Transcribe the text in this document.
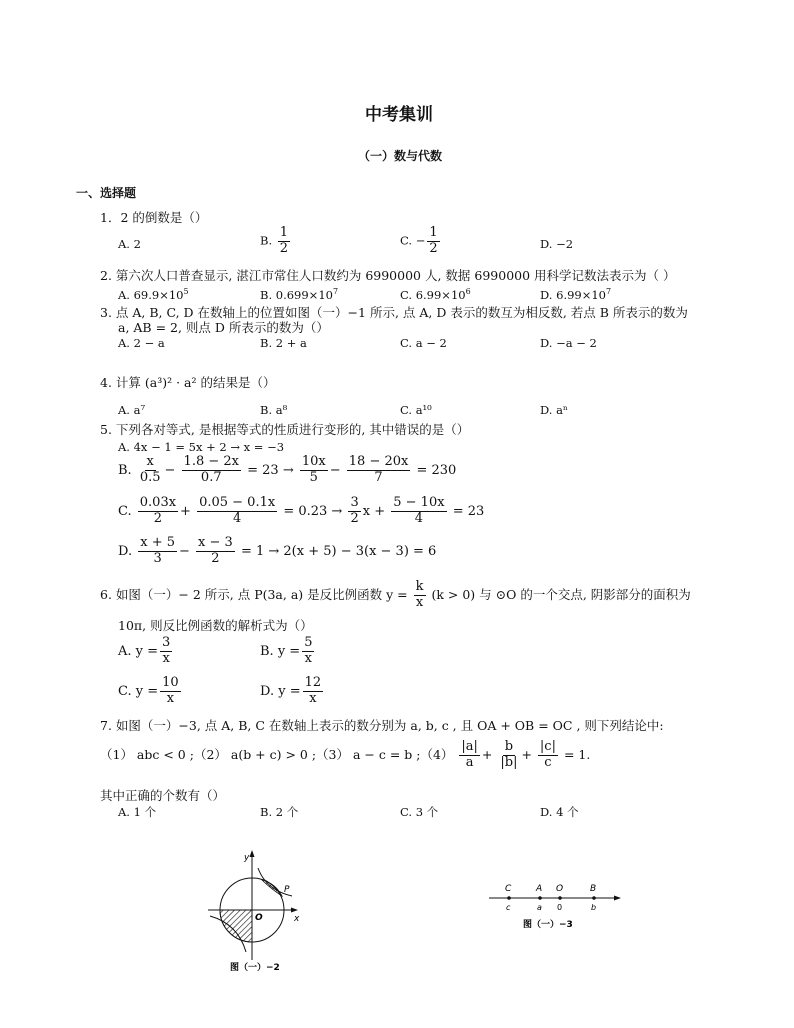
中考集训
（一）数与代数
一、选择题
1．2 的倒数是（）
A. 2	B. $\frac{1}{2}$	C. − $\frac{1}{2}$	D. −2
2. 第六次人口普查显示, 湛江市常住人口数约为 6990000 人, 数据 6990000 用科学记数法表示为（ ）
A. $69.9\times 10^5$	B. $0.699\times 10^7$	C. $6.99\times 10^6$	D. $6.99\times 10^7$
3. 点 A, B, C, D 在数轴上的位置如图（一）−1 所示, 点 A, D 表示的数互为相反数, 若点 B 所表示的数为
a, AB = 2, 则点 D 所表示的数为（）
A. 2 − a	B. 2 + a	C. a − 2	D. −a − 2
4. 计算 (a³)² · a² 的结果是（）
A. a⁷	B. a⁸	C. a¹⁰	D. aⁿ
5. 下列各对等式, 是根据等式的性质进行变形的, 其中错误的是（）
A. 4x − 1 = 5x + 2 → x = −3
B. $\frac{x}{0.5} - \frac{1.8 - 2x}{0.7} = 23 \to \frac{10x}{5} - \frac{18 - 20x}{7} = 230$
C. $\frac{0.03x}{2} + \frac{0.05 - 0.1x}{4} = 0.23 \to \frac{3}{2}$ $x + \frac{5 - 10x}{4} = 23$
D. $\frac{x + 5}{3} - \frac{x - 3}{2} = 1 \to 2(x + 5) - 3(x - 3) = 6$
6. 如图（一）− 2 所示, 点 P(3a, a) 是反比例函数 $y = \frac{k}{x} (k > 0)$ 与 ⊙O 的一个交点, 阴影部分的面积为
10π, 则反比例函数的解析式为（）
A. $y = \frac{3}{x}$	B. $y = \frac{5}{x}$
C. $y = \frac{10}{x}$	D. $y = \frac{12}{x}$
7. 如图（一）−3, 点 A, B, C 在数轴上表示的数分别为 a, b, c , 且 OA + OB = OC , 则下列结论中:
（1） abc < 0 ;（2） a(b + c) > 0 ;（3） a − c = b ;（4） $\frac{|a|}{a} + \frac{b}{|b|} + \frac{|c|}{c} = 1$.
其中正确的个数有（）
A. 1 个	B. 2 个	C. 3 个	D. 4 个
y
x
O
P
图（一）−2
C	A O	B
c	a 0	b
图（一）−3
